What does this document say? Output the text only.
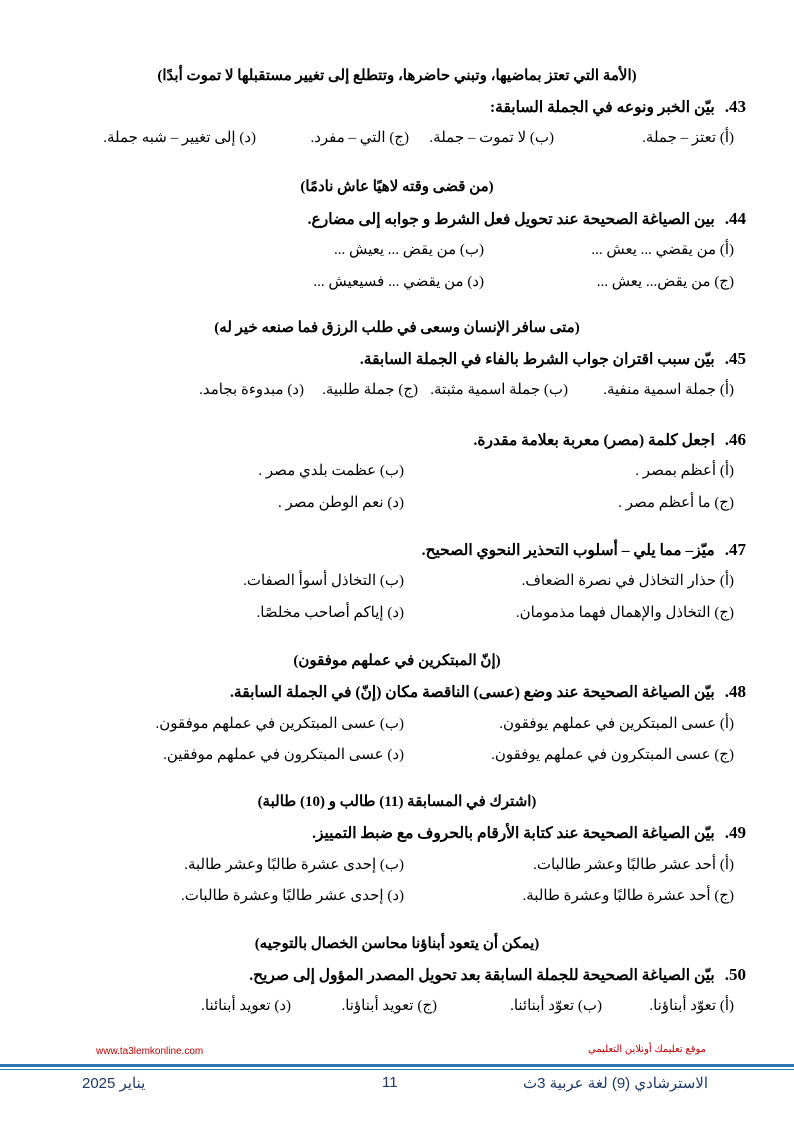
(الأمة التي تعتز بماضيها، وتبني حاضرها، وتتطلع إلى تغيير مستقبلها لا تموت أبدًا)
43.بيّن الخبر ونوعه في الجملة السابقة:
(أ) تعتز – جملة.
(ب) لا تموت – جملة.
(ج) التي – مفرد.
(د) إلى تغيير – شبه جملة.
(من قضى وقته لاهيًا عاش نادمًا)
44.بين الصياغة الصحيحة عند تحويل فعل الشرط و جوابه إلى مضارع.
(أ) من يقضي ... يعش ...
(ب) من يقض ... يعيش ...
(ج) من يقض... يعش ...
(د) من يقضي ... فسيعيش ...
(متى سافر الإنسان وسعى في طلب الرزق فما صنعه خير له)
45.بيّن سبب اقتران جواب الشرط بالفاء في الجملة السابقة.
(أ) جملة اسمية منفية.
(ب) جملة اسمية مثبتة.
(ج) جملة طلبية.
(د) مبدوءة بجامد.
46.اجعل كلمة (مصر) معربة بعلامة مقدرة.
(أ) أعظم بمصر .
(ب) عظمت بلدي مصر .
(ج) ما أعظم مصر .
(د) نعم الوطن مصر .
47.ميّز– مما يلي – أسلوب التحذير النحوي الصحيح.
(أ) حذار التخاذل في نصرة الضعاف.
(ب) التخاذل أسوأ الصفات.
(ج) التخاذل والإهمال فهما مذمومان.
(د) إياكم أصاحب مخلصًا.
(إنّ المبتكرين في عملهم موفقون)
48.بيّن الصياغة الصحيحة عند وضع (عسى) الناقصة مكان (إنّ) في الجملة السابقة.
(أ) عسى المبتكرين في عملهم يوفقون.
(ب) عسى المبتكرين في عملهم موفقون.
(ج) عسى المبتكرون في عملهم يوفقون.
(د) عسى المبتكرون في عملهم موفقين.
(اشترك في المسابقة (11) طالب و (10) طالبة)
49.بيّن الصياغة الصحيحة عند كتابة الأرقام بالحروف مع ضبط التمييز.
(أ) أحد عشر طالبًا وعشر طالبات.
(ب) إحدى عشرة طالبًا وعشر طالبة.
(ج) أحد عشرة طالبًا وعشرة طالبة.
(د) إحدى عشر طالبًا وعشرة طالبات.
(يمكن أن يتعود أبناؤنا محاسن الخصال بالتوجيه)
50.بيّن الصياغة الصحيحة للجملة السابقة بعد تحويل المصدر المؤول إلى صريح.
(أ) تعوّد أبناؤنا.
(ب) تعوّد أبنائنا.
(ج) تعويد أبناؤنا.
(د) تعويد أبنائنا.
موقع تعليمك أونلاين التعليمي
www.ta3lemkonline.com
الاسترشادي (9) لغة عربية 3ث
11
يناير 2025
